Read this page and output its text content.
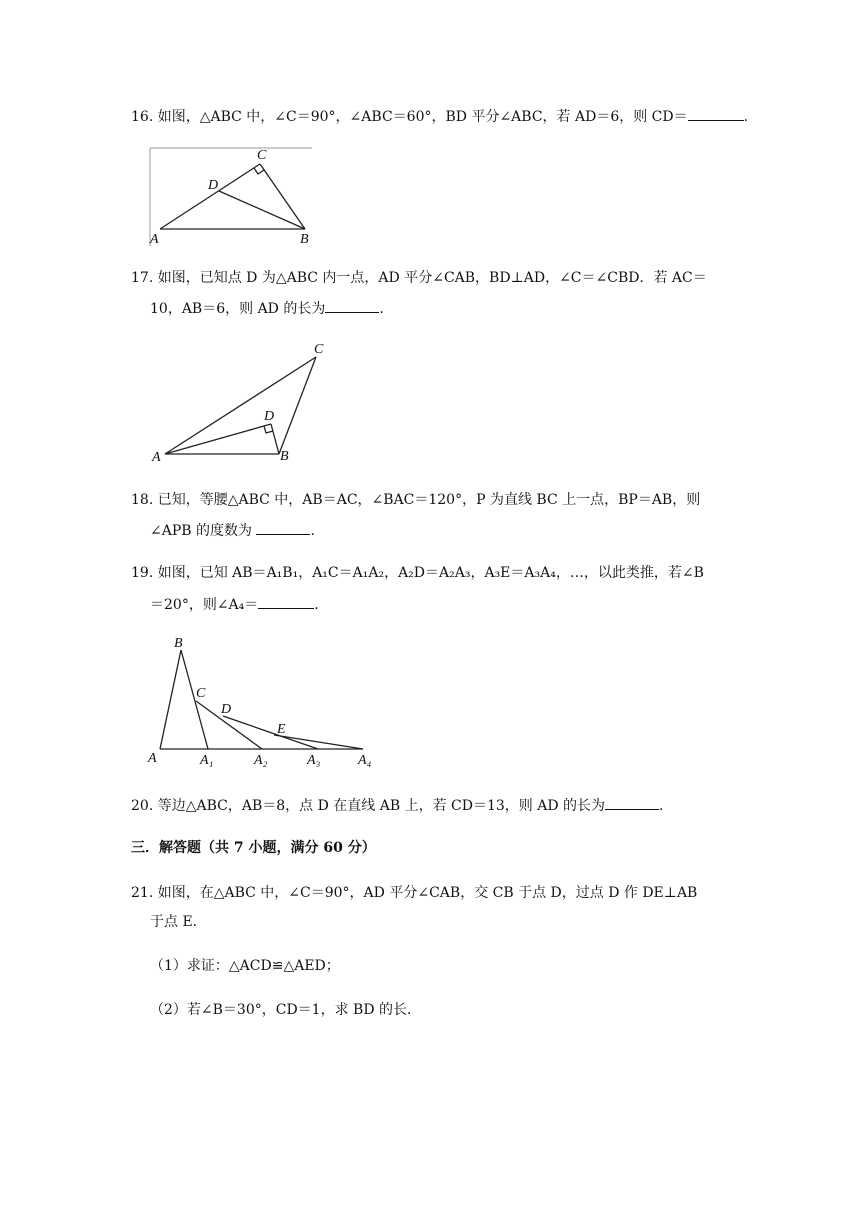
16. 如图，△ABC 中，∠C＝90°，∠ABC＝60°，BD 平分∠ABC，若 AD＝6，则 CD＝	.
A	B
C
D
17. 如图，已知点 D 为△ABC 内一点，AD 平分∠CAB，BD⊥AD，∠C＝∠CBD．若 AC＝
10，AB＝6，则 AD 的长为	.
A	B
C
D
18. 已知，等腰△ABC 中，AB＝AC，∠BAC＝120°，P 为直线 BC 上一点，BP＝AB，则
∠APB 的度数为	.
19. 如图，已知 AB＝A₁B₁，A₁C＝A₁A₂，A₂D＝A₂A₃，A₃E＝A₃A₄，…，以此类推，若∠B
＝20°，则∠A₄＝	.
A
B
C
D
E
A₁	A₂	A₃	A₄
20. 等边△ABC，AB＝8，点 D 在直线 AB 上，若 CD＝13，则 AD 的长为	.
三．解答题（共 7 小题，满分 60 分）
21. 如图，在△ABC 中，∠C＝90°，AD 平分∠CAB，交 CB 于点 D，过点 D 作 DE⊥AB
于点 E．
（1）求证：△ACD≌△AED；
（2）若∠B＝30°，CD＝1，求 BD 的长．
